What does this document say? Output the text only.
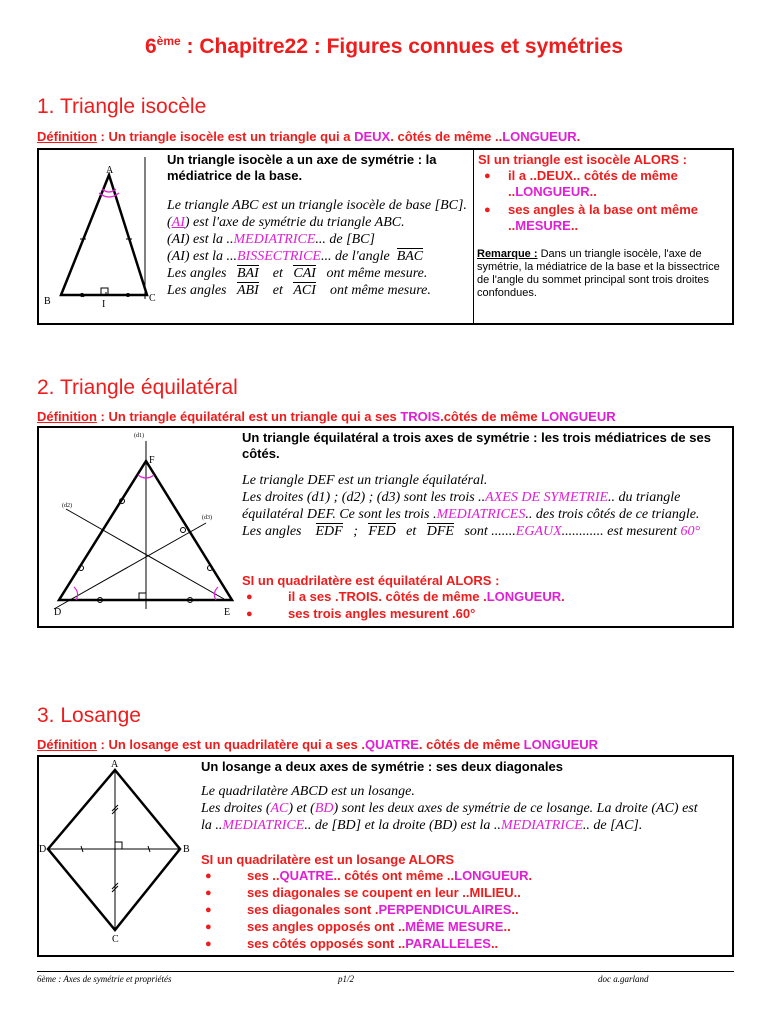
6ème : Chapitre22 : Figures connues et symétries
1. Triangle isocèle
Définition : Un triangle isocèle est un triangle qui a DEUX. côtés de même ..LONGUEUR.
A
B	C
I
Un triangle isocèle a un axe de symétrie : la médiatrice de la base.
Le triangle ABC est un triangle isocèle de base [BC].
(AI) est l'axe de symétrie du triangle ABC.
(AI) est la ..MEDIATRICE... de [BC]
(AI) est la ...BISSECTRICE... de l'angle BAC
Les angles BAI et CAI ont même mesure.
Les angles ABI et ACI ont même mesure.
SI un triangle est isocèle ALORS :
● il a ..DEUX.. côtés de même ..LONGUEUR..
● ses angles à la base ont même ..MESURE..
Remarque : Dans un triangle isocèle, l'axe de symétrie, la médiatrice de la base et la bissectrice de l'angle du sommet principal sont trois droites confondues.
2. Triangle équilatéral
Définition : Un triangle équilatéral est un triangle qui a ses TROIS.côtés de même LONGUEUR
(d1)
(d2)
(d3)
F
D	E
Un triangle équilatéral a trois axes de symétrie : les trois médiatrices de ses côtés.
Le triangle DEF est un triangle équilatéral.
Les droites (d1) ; (d2) ; (d3) sont les trois ..AXES DE SYMETRIE.. du triangle équilatéral DEF. Ce sont les trois .MEDIATRICES.. des trois côtés de ce triangle.
Les angles EDF ; FED et DFE sont .......EGAUX............ est mesurent 60°
SI un quadrilatère est équilatéral ALORS :
● il a ses .TROIS. côtés de même .LONGUEUR.
● ses trois angles mesurent .60°
3. Losange
Définition : Un losange est un quadrilatère qui a ses .QUATRE. côtés de même LONGUEUR
A
B
C
D
Un losange a deux axes de symétrie : ses deux diagonales
Le quadrilatère ABCD est un losange.
Les droites (AC) et (BD) sont les deux axes de symétrie de ce losange. La droite (AC) est la ..MEDIATRICE.. de [BD] et la droite (BD) est la ..MEDIATRICE.. de [AC].
SI un quadrilatère est un losange ALORS
● ses ..QUATRE.. côtés ont même ..LONGUEUR.
● ses diagonales se coupent en leur ..MILIEU..
● ses diagonales sont .PERPENDICULAIRES..
● ses angles opposés ont ..MÊME MESURE..
● ses côtés opposés sont ..PARALLELES..
6ème : Axes de symétrie et propriétés	p1/2	doc a.garland
